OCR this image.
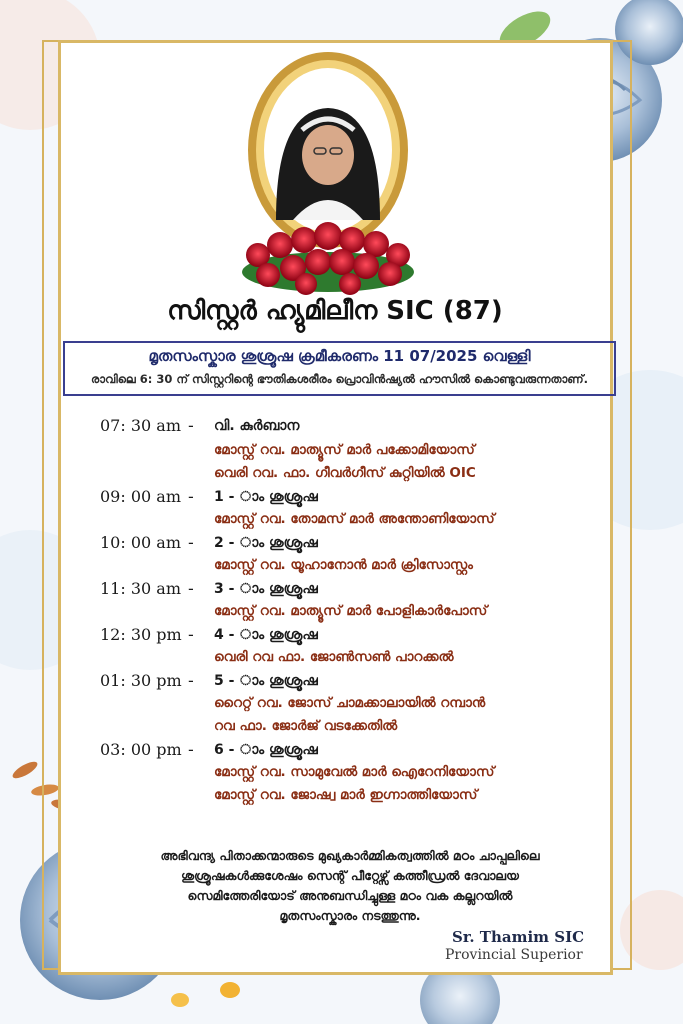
സിസ്റ്റർ ഹ്യുമിലീന SIC (87)
മൃതസംസ്കാര ശുശ്രൂഷ ക്രമീകരണം 11 07/2025 വെള്ളി
രാവിലെ 6: 30 ന് സിസ്റ്ററിന്റെ ഭൗതികശരീരം പ്രൊവിൻഷ്യൽ ഹൗസിൽ കൊണ്ടുവരുന്നതാണ്.
07: 30 am - വി. കുർബാന
മോസ്റ്റ് റവ. മാത്യൂസ് മാർ പക്കോമിയോസ്
വെരി റവ. ഫാ. ഗീവർഗീസ് കുറ്റിയിൽ OIC
09: 00 am - 1 - ാം ശുശ്രൂഷ
മോസ്റ്റ് റവ. തോമസ് മാർ അന്തോണിയോസ്
10: 00 am - 2 - ാം ശുശ്രൂഷ
മോസ്റ്റ് റവ. യൂഹാനോൻ മാർ ക്രിസോസ്റ്റം
11: 30 am - 3 - ാം ശുശ്രൂഷ
മോസ്റ്റ് റവ. മാത്യൂസ് മാർ പോളികാർപോസ്
12: 30 pm - 4 - ാം ശുശ്രൂഷ
വെരി റവ ഫാ. ജോൺസൺ പാറക്കൽ
01: 30 pm - 5 - ാം ശുശ്രൂഷ
റൈറ്റ് റവ. ജോസ് ചാമക്കാലായിൽ റമ്പാൻ
റവ ഫാ. ജോർജ് വടക്കേതിൽ
03: 00 pm - 6 - ാം ശുശ്രൂഷ
മോസ്റ്റ് റവ. സാമുവേൽ മാർ ഐറേനിയോസ്
മോസ്റ്റ് റവ. ജോഷ്വ മാർ ഇഗ്നാത്തിയോസ്
അഭിവന്ദ്യ പിതാക്കന്മാരുടെ മുഖ്യകാർമ്മികത്വത്തിൽ മഠം ചാപ്പലിലെ
ശുശ്രൂഷകൾക്കുശേഷം സെന്റ് പീറ്റേഴ്സ് കത്തീഡ്രൽ ദേവാലയ
സെമിത്തേരിയോട് അനുബന്ധിച്ചുള്ള മഠം വക കല്ലറയിൽ
മൃതസംസ്കാരം നടത്തുന്നു.
Sr. Thamim SIC
Provincial Superior
